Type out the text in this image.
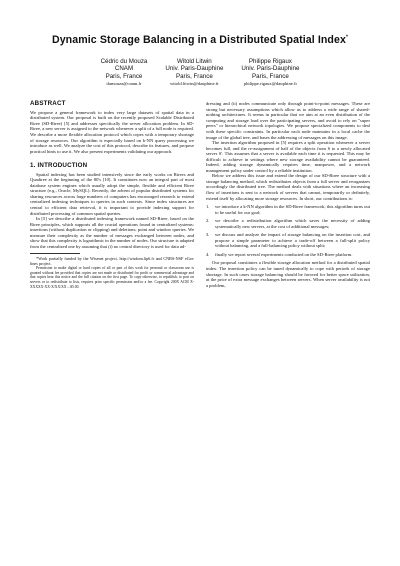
Dynamic Storage Balancing in a Distributed Spatial Index*
Cédric du Mouza
CNAM
Paris, France
dumouza@cnam.fr
Witold Litwin
Univ. Paris-Dauphine
Paris, France
witold.litwin@dauphine.fr
Philippe Rigaux
Univ. Paris-Dauphine
Paris, France
philippe.rigaux@dauphine.fr
ABSTRACT

We propose a general framework to index very large datasets of spatial data in a distributed system. Our proposal is built on the recently proposed Scalable Distributed Rtree (SD-Rtree) [5] and addresses specifically the server allocation problem. In SD-Rtree, a new server is assigned to the network whenever a split of a full node is required. We describe a more flexible allocation protocol which copes with a temporary shortage of storage resources. Our algorithm is especially based on k-NN query processing we introduce as well. We analyze the cost of this protocol, describe its features, and propose practical hints to use it. We also present experiments validating our approach.

1. INTRODUCTION

Spatial indexing has been studied intensively since the early works on Rtrees and Quadtree at the beginning of the 80's [10]. It constitutes now an integral part of most database system engines which usually adopt the simple, flexible and efficient Rtree structure (e.g., Oracle, MySQL). Recently, the advent of popular distributed systems for sharing resources across large numbers of computers has encouraged research to extend centralized indexing techniques to queries in such contexts. Since index structures are central to efficient data retrieval, it is important to provide indexing support for distributed processing of common spatial queries.

In [5] we describe a distributed indexing framework named SD-Rtree, based on the Rtree principles, which supports all the crucial operations found in centralized systems: insertions (without duplication or clipping) and deletions; point and window queries. We measure their complexity as the number of messages exchanged between nodes, and show that this complexity is logarithmic in the number of nodes. Our structure is adapted from the centralized one by assuming that (i) no central directory is used for data ad-

*Work partially funded by the Wisenet project, http://wisdom.lip6.fr and CNRS-NSF eGov lines project.

Permission to make digital or hard copies of all or part of this work for personal or classroom use is granted without fee provided that copies are not made or distributed for profit or commercial advantage and that copies bear this notice and the full citation on the first page. To copy otherwise, to republish, to post on servers or to redistribute to lists, requires prior specific permission and/or a fee. Copyright 200X ACM X-XXXXX-XX-X/XX/XX ...$5.00.

dressing and (ii) nodes communicate only through point-to-point messages. These are strong but necessary assumptions which allow us to address a wide range of shared-nothing architectures. It seems in particular that we aim at an even distribution of the computing and storage load over the participating servers, and avoid to rely on "super peers" or hierarchical network topologies. We propose specialized components to deal with these specific constraints. In particular each node maintains in a local cache the image of the global tree, and bases the addressing of messages on this image.

The insertion algorithm proposed in [5] requires a split operation whenever a server becomes full, and the re-assignment of half of the objects from S to a newly allocated server S'. This assumes that a server is available each time it is requested. This may be difficult to achieve in settings where new storage availability cannot be guaranteed. Indeed, adding storage dynamically requires time, manpower, and a network management policy under control by a reliable institution.

Below we address this issue and extend the design of our SD-Rtree structure with a storage balancing method, which redistributes objects from a full server and reorganizes accordingly the distributed tree. The method deals with situations where an increasing flow of insertions is sent to a network of servers that cannot, temporarily or definitely, extend itself by allocating more storage resources. In short, our contributions is:

1.	we introduce a k-NN algorithm in the SD-Rtree framework; this algorithm turns out to be useful for our goal;
2.	we describe a redistribution algorithm which saves the necessity of adding systematically new servers, at the cost of additional messages;
3.	we discuss and analyze the impact of storage balancing on the insertion cost, and propose a simple parameter to achieve a trade-off between a full-split policy without balancing, and a full-balancing policy without split;
4.	finally we report several experiments conducted on the SD-Rtree platform.

Our proposal constitutes a flexible storage allocation method for a distributed spatial index. The insertion policy can be tuned dynamically to cope with periods of storage shortage. In such cases storage balancing should be favored for better space utilization, at the price of extra message exchanges between servers. When server availability is not a problem,
